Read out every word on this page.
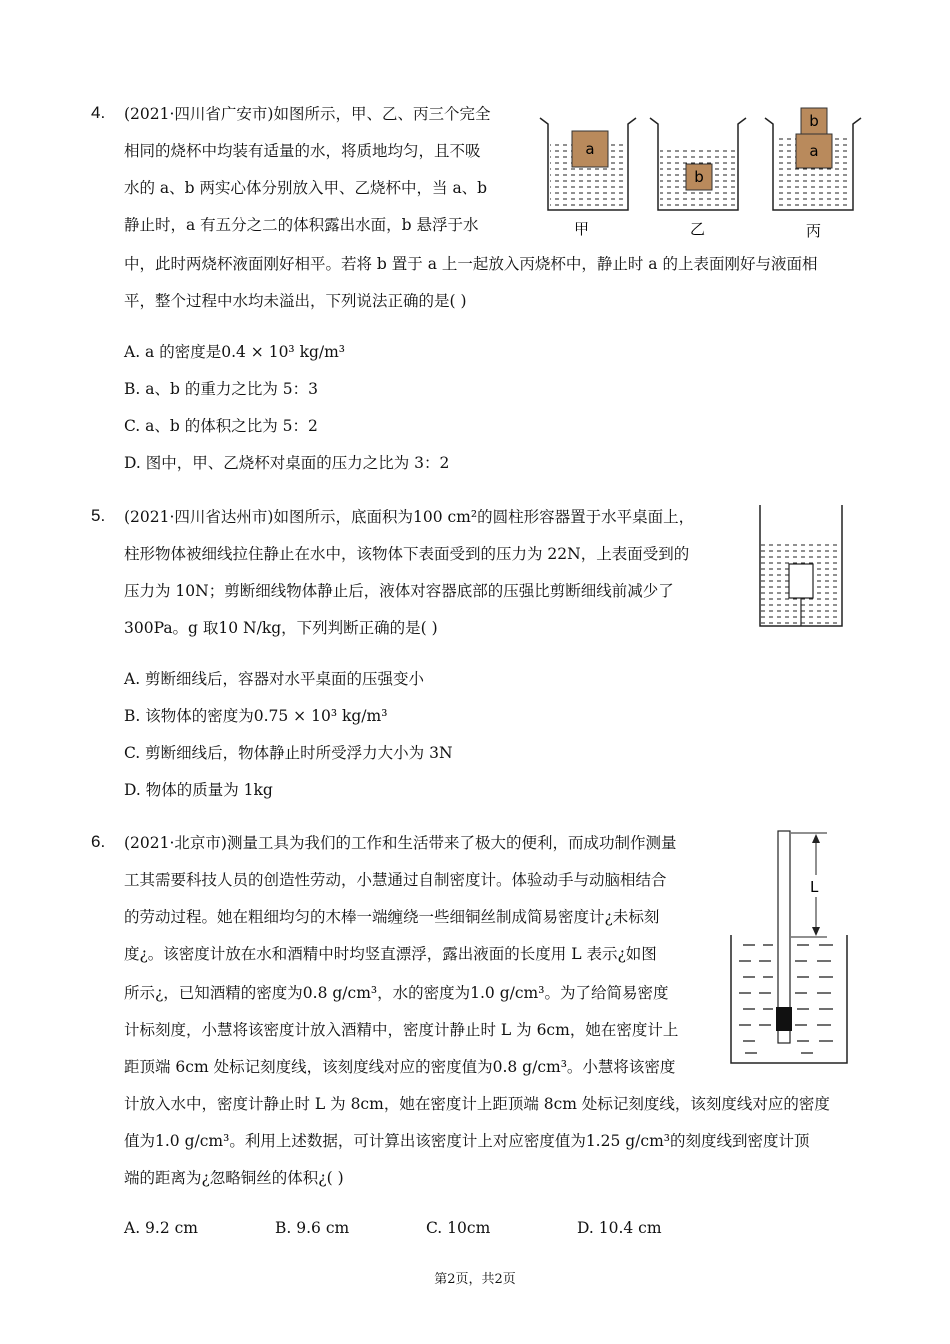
4. (2021·四川省广安市)如图所示，甲、乙、丙三个完全
相同的烧杯中均装有适量的水，将质地均匀，且不吸
水的 a、b 两实心体分别放入甲、乙烧杯中，当 a、b
静止时，a 有五分之二的体积露出水面，b 悬浮于水
中，此时两烧杯液面刚好相平。若将 b 置于 a 上一起放入丙烧杯中，静止时 a 的上表面刚好与液面相
平，整个过程中水均未溢出，下列说法正确的是( )
A. a 的密度是0.4 × 10³ kg/m³
B. a、b 的重力之比为 5：3
C. a、b 的体积之比为 5：2
D. 图中，甲、乙烧杯对桌面的压力之比为 3：2
a
甲
b
乙
a
b
丙
5. (2021·四川省达州市)如图所示，底面积为100 cm²的圆柱形容器置于水平桌面上，
柱形物体被细线拉住静止在水中，该物体下表面受到的压力为 22N，上表面受到的
压力为 10N；剪断细线物体静止后，液体对容器底部的压强比剪断细线前减少了
300Pa。g 取10 N/kg，下列判断正确的是( )
A. 剪断细线后，容器对水平桌面的压强变小
B. 该物体的密度为0.75 × 10³ kg/m³
C. 剪断细线后，物体静止时所受浮力大小为 3N
D. 物体的质量为 1kg
6. (2021·北京市)测量工具为我们的工作和生活带来了极大的便利，而成功制作测量
工其需要科技人员的创造性劳动，小慧通过自制密度计。体验动手与动脑相结合
的劳动过程。她在粗细均匀的木棒一端缠绕一些细铜丝制成简易密度计¿未标刻
度¿。该密度计放在水和酒精中时均竖直漂浮，露出液面的长度用 L 表示¿如图
所示¿，已知酒精的密度为0.8 g/cm³，水的密度为1.0 g/cm³。为了给简易密度
计标刻度，小慧将该密度计放入酒精中，密度计静止时 L 为 6cm，她在密度计上
距顶端 6cm 处标记刻度线，该刻度线对应的密度值为0.8 g/cm³。小慧将该密度
计放入水中，密度计静止时 L 为 8cm，她在密度计上距顶端 8cm 处标记刻度线，该刻度线对应的密度
值为1.0 g/cm³。利用上述数据，可计算出该密度计上对应密度值为1.25 g/cm³的刻度线到密度计顶
端的距离为¿忽略铜丝的体积¿( )
A. 9.2 cm	B. 9.6 cm	C. 10cm	D. 10.4 cm
L
第2页，共2页
